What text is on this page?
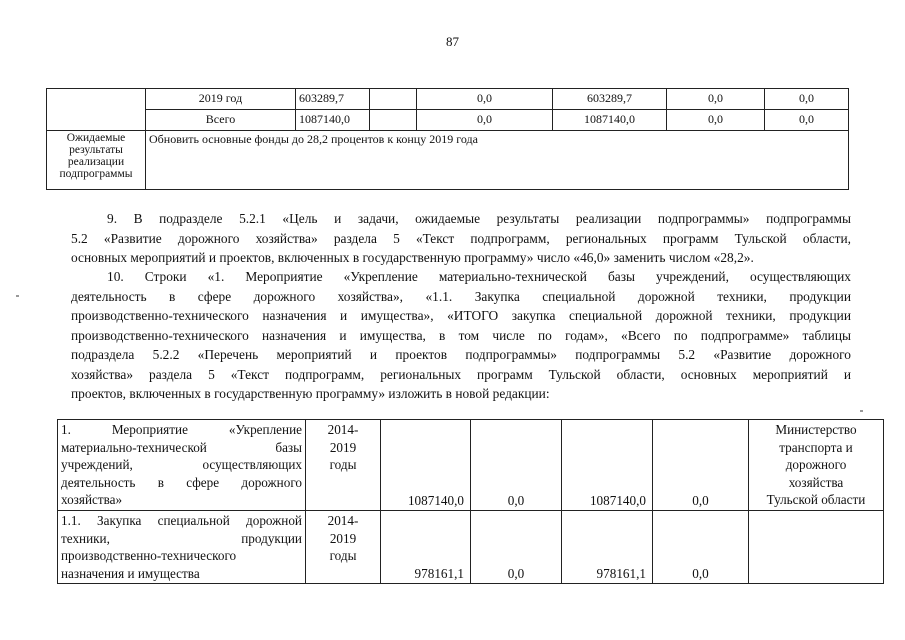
87
	2019 год	603289,7		0,0	603289,7	0,0	0,0
	Всего	1087140,0		0,0	1087140,0	0,0	0,0

Ожидаемые
результаты
реализации
подпрограммы	Обновить основные фонды до 28,2 процентов к концу 2019 года						
9. В подразделе 5.2.1 «Цель и задачи, ожидаемые результаты реализации подпрограммы» подпрограммы
5.2 «Развитие дорожного хозяйства» раздела 5 «Текст подпрограмм, региональных программ Тульской области,
основных мероприятий и проектов, включенных в государственную программу» число «46,0» заменить числом «28,2».
10. Строки «1. Мероприятие «Укрепление материально-технической базы учреждений, осуществляющих
деятельность в сфере дорожного хозяйства», «1.1. Закупка специальной дорожной техники, продукции
производственно-технического назначения и имущества», «ИТОГО закупка специальной дорожной техники, продукции
производственно-технического назначения и имущества, в том числе по годам», «Всего по подпрограмме» таблицы
подраздела 5.2.2 «Перечень мероприятий и проектов подпрограммы» подпрограммы 5.2 «Развитие дорожного
хозяйства» раздела 5 «Текст подпрограмм, региональных программ Тульской области, основных мероприятий и
проектов, включенных в государственную программу» изложить в новой редакции:
1. Мероприятие «Укрепление
материально-технической базы
учреждений, осуществляющих
деятельность в сфере дорожного
хозяйства»	2014-
2019
годы	1087140,0	0,0	1087140,0	0,0	Министерство
транспорта и
дорожного
хозяйства
Тульской области

1.1. Закупка специальной дорожной
техники, продукции
производственно-технического
назначения и имущества	2014-
2019
годы	978161,1	0,0	978161,1	0,0	
